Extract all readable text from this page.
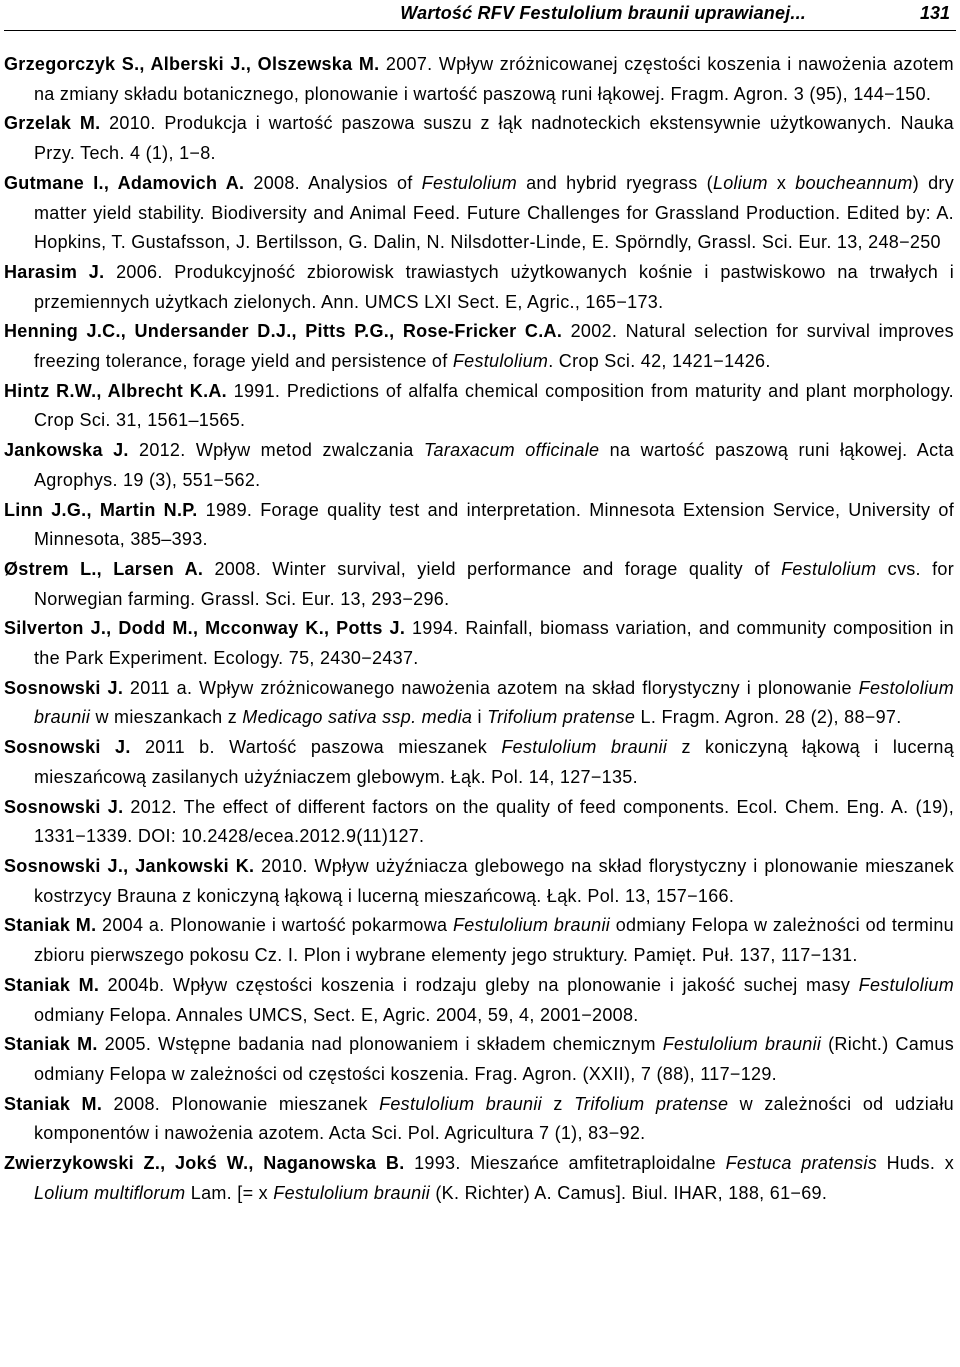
Wartość RFV Festulolium braunii uprawianej...	131

Grzegorczyk S., Alberski J., Olszewska M. 2007. Wpływ zróżnicowanej częstości koszenia i nawożenia azotem na zmiany składu botanicznego, plonowanie i wartość paszową runi łąkowej. Fragm. Agron. 3 (95), 144−150.

Grzelak M. 2010. Produkcja i wartość paszowa suszu z łąk nadnoteckich ekstensywnie użytkowanych. Nauka Przy. Tech. 4 (1), 1−8.

Gutmane I., Adamovich A. 2008. Analysios of Festulolium and hybrid ryegrass (Lolium x boucheannum) dry matter yield stability. Biodiversity and Animal Feed. Future Challenges for Grassland Production. Edited by: A. Hopkins, T. Gustafsson, J. Bertilsson, G. Dalin, N. Nilsdotter-Linde, E. Spörndly, Grassl. Sci. Eur. 13, 248−250

Harasim J. 2006. Produkcyjność zbiorowisk trawiastych użytkowanych kośnie i pastwiskowo na trwałych i przemiennych użytkach zielonych. Ann. UMCS LXI Sect. E, Agric., 165−173.

Henning J.C., Undersander D.J., Pitts P.G., Rose-Fricker C.A. 2002. Natural selection for survival improves freezing tolerance, forage yield and persistence of Festulolium. Crop Sci. 42, 1421−1426.

Hintz R.W., Albrecht K.A. 1991. Predictions of alfalfa chemical composition from maturity and plant morphology. Crop Sci. 31, 1561–1565.

Jankowska J. 2012. Wpływ metod zwalczania Taraxacum officinale na wartość paszową runi łąkowej. Acta Agrophys. 19 (3), 551−562.

Linn J.G., Martin N.P. 1989. Forage quality test and interpretation. Minnesota Extension Service, University of Minnesota, 385–393.

Østrem L., Larsen A. 2008. Winter survival, yield performance and forage quality of Festulolium cvs. for Norwegian farming. Grassl. Sci. Eur. 13, 293−296.

Silverton J., Dodd M., Mcconway K., Potts J. 1994. Rainfall, biomass variation, and community composition in the Park Experiment. Ecology. 75, 2430−2437.

Sosnowski J. 2011 a. Wpływ zróżnicowanego nawożenia azotem na skład florystyczny i plonowanie Festololium braunii w mieszankach z Medicago sativa ssp. media i Trifolium pratense L. Fragm. Agron. 28 (2), 88−97.

Sosnowski J. 2011 b. Wartość paszowa mieszanek Festulolium braunii z koniczyną łąkową i lucerną mieszańcową zasilanych użyźniaczem glebowym. Łąk. Pol. 14, 127−135.

Sosnowski J. 2012. The effect of different factors on the quality of feed components. Ecol. Chem. Eng. A. (19), 1331−1339. DOI: 10.2428/ecea.2012.9(11)127.

Sosnowski J., Jankowski K. 2010. Wpływ użyźniacza glebowego na skład florystyczny i plonowanie mieszanek kostrzycy Brauna z koniczyną łąkową i lucerną mieszańcową. Łąk. Pol. 13, 157−166.

Staniak M. 2004 a. Plonowanie i wartość pokarmowa Festulolium braunii odmiany Felopa w zależności od terminu zbioru pierwszego pokosu Cz. I. Plon i wybrane elementy jego struktury. Pamięt. Puł. 137, 117−131.

Staniak M. 2004b. Wpływ częstości koszenia i rodzaju gleby na plonowanie i jakość suchej masy Festulolium odmiany Felopa. Annales UMCS, Sect. E, Agric. 2004, 59, 4, 2001−2008.

Staniak M. 2005. Wstępne badania nad plonowaniem i składem chemicznym Festulolium braunii (Richt.) Camus odmiany Felopa w zależności od częstości koszenia. Frag. Agron. (XXII), 7 (88), 117−129.

Staniak M. 2008. Plonowanie mieszanek Festulolium braunii z Trifolium pratense w zależności od udziału komponentów i nawożenia azotem. Acta Sci. Pol. Agricultura 7 (1), 83−92.

Zwierzykowski Z., Jokś W., Naganowska B. 1993. Mieszańce amfitetraploidalne Festuca pratensis Huds. x Lolium multiflorum Lam. [= x Festulolium braunii (K. Richter) A. Camus]. Biul. IHAR, 188, 61−69.
